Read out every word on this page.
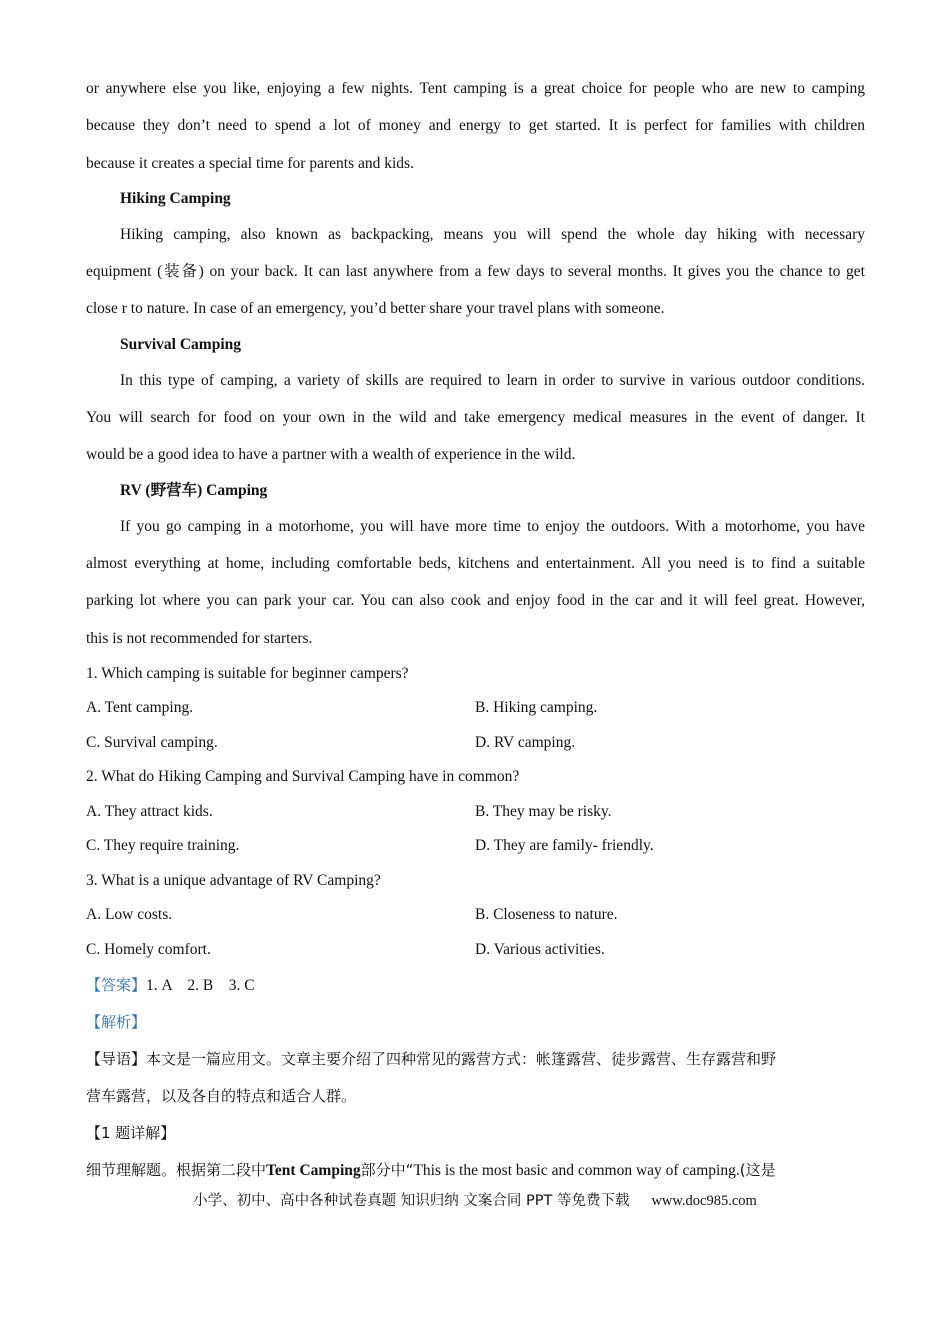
or anywhere else you like, enjoying a few nights. Tent camping is a great choice for people who are new to camping
because they don’t need to spend a lot of money and energy to get started. It is perfect for families with children
because it creates a special time for parents and kids.
Hiking Camping
Hiking camping, also known as backpacking, means you will spend the whole day hiking with necessary
equipment (装备) on your back. It can last anywhere from a few days to several months. It gives you the chance to get
close r to nature. In case of an emergency, you’d better share your travel plans with someone.
Survival Camping
In this type of camping, a variety of skills are required to learn in order to survive in various outdoor conditions.
You will search for food on your own in the wild and take emergency medical measures in the event of danger. It
would be a good idea to have a partner with a wealth of experience in the wild.
RV (野营车) Camping
If you go camping in a motorhome, you will have more time to enjoy the outdoors. With a motorhome, you have
almost everything at home, including comfortable beds, kitchens and entertainment. All you need is to find a suitable
parking lot where you can park your car. You can also cook and enjoy food in the car and it will feel great. However,
this is not recommended for starters.
1. Which camping is suitable for beginner campers?
A. Tent camping.	B. Hiking camping.
C. Survival camping.	D. RV camping.
2. What do Hiking Camping and Survival Camping have in common?
A. They attract kids.	B. They may be risky.
C. They require training.	D. They are family- friendly.
3. What is a unique advantage of RV Camping?
A. Low costs.	B. Closeness to nature.
C. Homely comfort.	D. Various activities.
【答案】1. A    2. B    3. C
【解析】
【导语】本文是一篇应用文。文章主要介绍了四种常见的露营方式：帐篷露营、徒步露营、生存露营和野
营车露营，以及各自的特点和适合人群。
【1 题详解】
细节理解题。根据第二段中Tent Camping部分中“This is the most basic and common way of camping.(这是
小学、初中、高中各种试卷真题 知识归纳 文案合同 PPT 等免费下载 www.doc985.com
